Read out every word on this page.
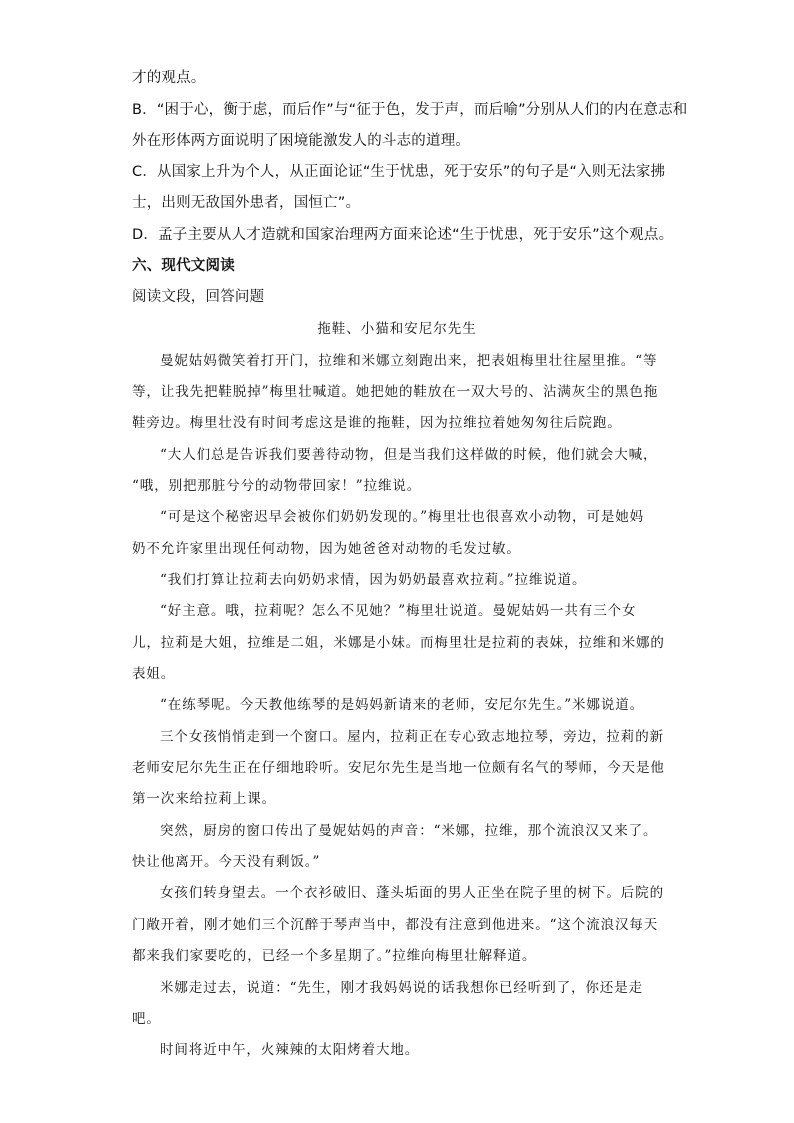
才的观点。
B．“困于心，衡于虑，而后作”与“征于色，发于声，而后喻”分别从人们的内在意志和
外在形体两方面说明了困境能激发人的斗志的道理。
C．从国家上升为个人，从正面论证“生于忧患，死于安乐”的句子是“入则无法家拂
士，出则无敌国外患者，国恒亡”。
D．孟子主要从人才造就和国家治理两方面来论述“生于忧患，死于安乐”这个观点。
六、现代文阅读
阅读文段，回答问题
拖鞋、小猫和安尼尔先生
曼妮姑妈微笑着打开门，拉维和米娜立刻跑出来，把表姐梅里壮往屋里推。“等
等，让我先把鞋脱掉”梅里壮喊道。她把她的鞋放在一双大号的、沾满灰尘的黑色拖
鞋旁边。梅里壮没有时间考虑这是谁的拖鞋，因为拉维拉着她匆匆往后院跑。
“大人们总是告诉我们要善待动物，但是当我们这样做的时候，他们就会大喊，
“哦，别把那脏兮兮的动物带回家！”拉维说。
“可是这个秘密迟早会被你们奶奶发现的。”梅里壮也很喜欢小动物，可是她妈
奶不允许家里出现任何动物，因为她爸爸对动物的毛发过敏。
“我们打算让拉莉去向奶奶求情，因为奶奶最喜欢拉莉。”拉维说道。
“好主意。哦，拉莉呢？怎么不见她？”梅里壮说道。曼妮姑妈一共有三个女
儿，拉莉是大姐，拉维是二姐，米娜是小妹。而梅里壮是拉莉的表妹，拉维和米娜的
表姐。
“在练琴呢。今天教他练琴的是妈妈新请来的老师，安尼尔先生。”米娜说道。
三个女孩悄悄走到一个窗口。屋内，拉莉正在专心致志地拉琴，旁边，拉莉的新
老师安尼尔先生正在仔细地聆听。安尼尔先生是当地一位颇有名气的琴师，今天是他
第一次来给拉莉上课。
突然，厨房的窗口传出了曼妮姑妈的声音：“米娜，拉维，那个流浪汉又来了。
快让他离开。今天没有剩饭。”
女孩们转身望去。一个衣衫破旧、蓬头垢面的男人正坐在院子里的树下。后院的
门敞开着，刚才她们三个沉醉于琴声当中，都没有注意到他进来。“这个流浪汉每天
都来我们家要吃的，已经一个多星期了。”拉维向梅里壮解释道。
米娜走过去，说道：“先生，刚才我妈妈说的话我想你已经听到了，你还是走
吧。
时间将近中午，火辣辣的太阳烤着大地。
